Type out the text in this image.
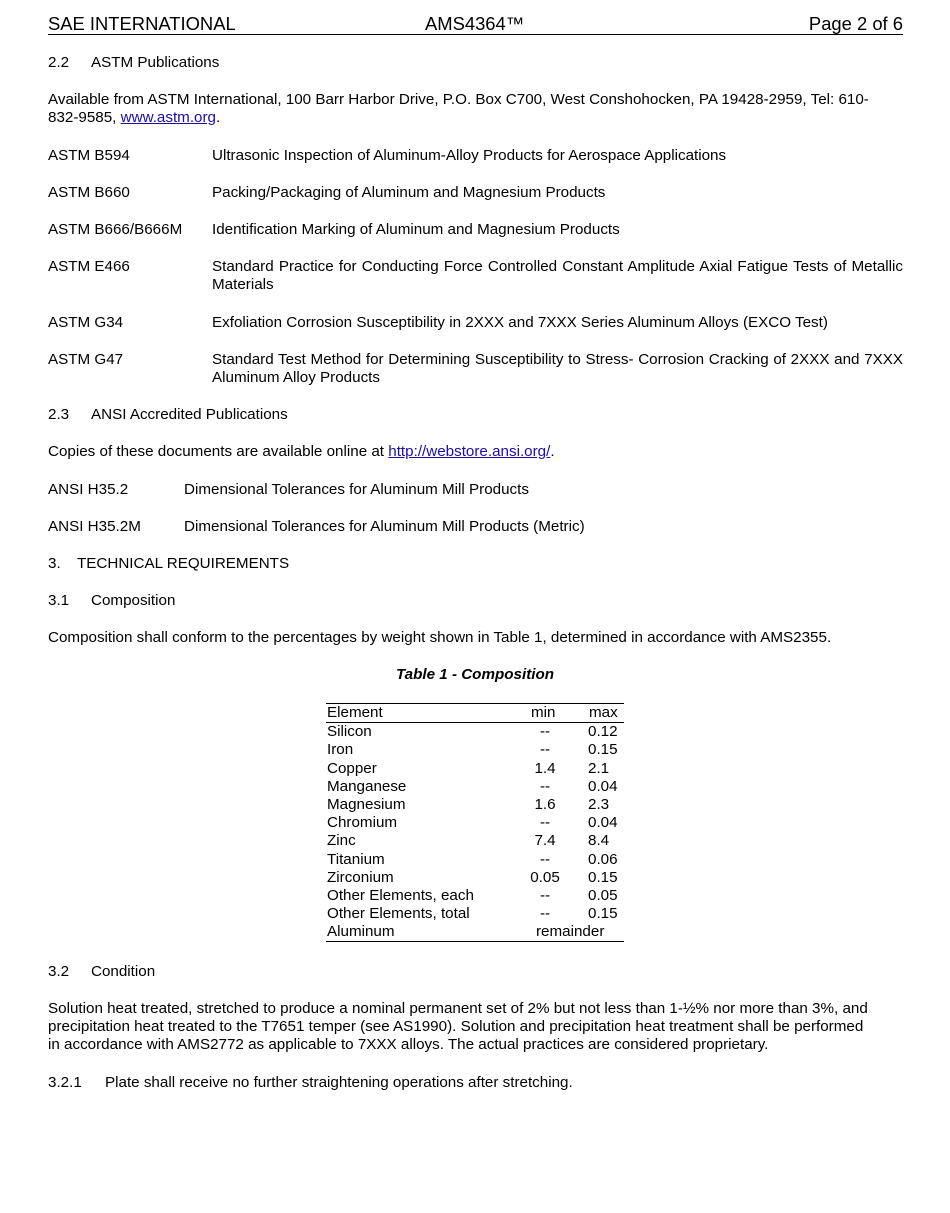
SAE INTERNATIONAL	AMS4364™	Page 2 of 6
2.2 ASTM Publications
Available from ASTM International, 100 Barr Harbor Drive, P.O. Box C700, West Conshohocken, PA 19428-2959, Tel: 610-
832-9585, www.astm.org.
ASTM B594	Ultrasonic Inspection of Aluminum-Alloy Products for Aerospace Applications
ASTM B660	Packing/Packaging of Aluminum and Magnesium Products
ASTM B666/B666M Identification Marking of Aluminum and Magnesium Products
ASTM E466	Standard Practice for Conducting Force Controlled Constant Amplitude Axial Fatigue Tests of Metallic Materials
ASTM G34	Exfoliation Corrosion Susceptibility in 2XXX and 7XXX Series Aluminum Alloys (EXCO Test)
ASTM G47	Standard Test Method for Determining Susceptibility to Stress- Corrosion Cracking of 2XXX and 7XXX Aluminum Alloy Products
2.3 ANSI Accredited Publications
Copies of these documents are available online at http://webstore.ansi.org/.
ANSI H35.2	Dimensional Tolerances for Aluminum Mill Products
ANSI H35.2M	Dimensional Tolerances for Aluminum Mill Products (Metric)
3. TECHNICAL REQUIREMENTS
3.1 Composition
Composition shall conform to the percentages by weight shown in Table 1, determined in accordance with AMS2355.
Table 1 - Composition
Element	min max
Silicon	--	0.12
Iron	--	0.15
Copper	1.4	2.1
Manganese	--	0.04
Magnesium	1.6	2.3
Chromium	--	0.04
Zinc	7.4	8.4
Titanium	--	0.06
Zirconium	0.05 0.15
Other Elements, each	--	0.05
Other Elements, total	--	0.15
Aluminum	remainder
3.2 Condition
Solution heat treated, stretched to produce a nominal permanent set of 2% but not less than 1-½% nor more than 3%, and
precipitation heat treated to the T7651 temper (see AS1990). Solution and precipitation heat treatment shall be performed
in accordance with AMS2772 as applicable to 7XXX alloys. The actual practices are considered proprietary.
3.2.1 Plate shall receive no further straightening operations after stretching.
